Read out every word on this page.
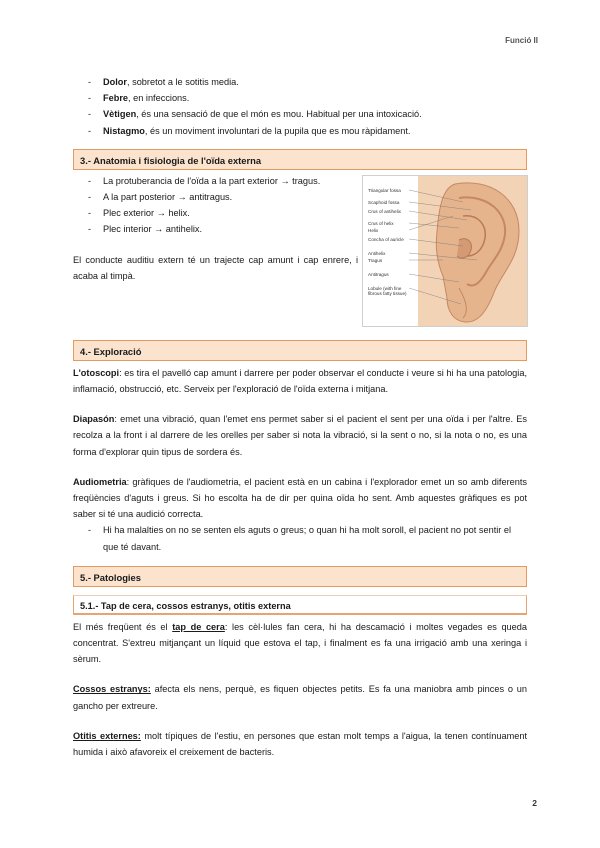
Funció II
- Dolor, sobretot a le sotitis media.
- Febre, en infeccions.
- Vètigen, és una sensació de que el món es mou. Habitual per una intoxicació.
- Nistagmo, és un moviment involuntari de la pupila que es mou ràpidament.
3.- Anatomia i fisiologia de l'oïda externa
- La protuberancia de l'oïda a la part exterior → tragus.
- A la part posterior → antitragus.
- Plec exterior → helix.
- Plec interior → antihelix.

El conducte auditiu extern té un trajecte cap amunt i cap enrere, i acaba al timpà.

Triangular fossa
Scaphoid fossa
Crus of antihelix
Crus of helix
Helix
Concha of auricle
Antihelix
Tragus
Antitragus
Lobule (with fine fibrous fatty tissue)
4.- Exploració

L'otoscopi: es tira el pavelló cap amunt i darrere per poder observar el conducte i veure si hi ha una patologia, inflamació, obstrucció, etc. Serveix per l'exploració de l'oïda externa i mitjana.

Diapasón: emet una vibració, quan l'emet ens permet saber si el pacient el sent per una oïda i per l'altre. Es recolza a la front i al darrere de les orelles per saber si nota la vibració, si la sent o no, si la nota o no, es una forma d'explorar quin tipus de sordera és.

Audiometria: gràfiques de l'audiometria, el pacient està en un cabina i l'explorador emet un so amb diferents freqüències d'aguts i greus. Si ho escolta ha de dir per quina oïda ho sent. Amb aquestes gràfiques es pot saber si té una audició correcta.

- Hi ha malalties on no se senten els aguts o greus; o quan hi ha molt soroll, el pacient no pot sentir el que té davant.
5.- Patologies
5.1.- Tap de cera, cossos estranys, otitis externa

El més freqüent és el tap de cera: les cèl·lules fan cera, hi ha descamació i moltes vegades es queda concentrat. S'extreu mitjançant un líquid que estova el tap, i finalment es fa una irrigació amb una xeringa i sèrum.

Cossos estranys: afecta els nens, perquè, es fiquen objectes petits. Es fa una maniobra amb pinces o un gancho per extreure.

Otitis externes: molt típiques de l'estiu, en persones que estan molt temps a l'aigua, la tenen contínuament humida i això afavoreix el creixement de bacteris.

2
